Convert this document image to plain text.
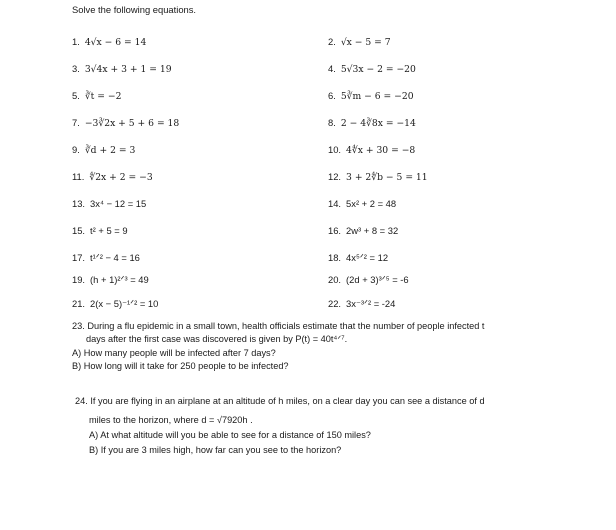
Solve the following equations.
1. 4√x − 6 = 14	2. √x − 5 = 7
3. 3√4x + 3 + 1 = 19	4. 5√3x − 2 = −20
5. ∛t = −2	6. 5∛m − 6 = −20
7. −3∛2x + 5 + 6 = 18	8. 2 − 4∛8x = −14
9. ∛d + 2 = 3	10. 4∜x + 30 = −8
11. ∜2x + 2 = −3	12. 3 + 2∜b − 5 = 11
13. 3x⁴ − 12 = 15	14. 5x² + 2 = 48
15. t² + 5 = 9	16. 2w³ + 8 = 32
17. t¹ᐟ² − 4 = 16	18. 4x⁵ᐟ² = 12
19. (h + 1)²ᐟ³ = 49	20. (2d + 3)³ᐟ⁵ = -6
21. 2(x − 5)⁻¹ᐟ² = 10	22. 3x⁻³ᐟ² = -24
23. During a flu epidemic in a small town, health officials estimate that the number of people infected t
days after the first case was discovered is given by P(t) = 40t⁴ᐟ⁷.
A) How many people will be infected after 7 days?
B) How long will it take for 250 people to be infected?
24. If you are flying in an airplane at an altitude of h miles, on a clear day you can see a distance of d
miles to the horizon, where d = √7920h .
A) At what altitude will you be able to see for a distance of 150 miles?
B) If you are 3 miles high, how far can you see to the horizon?
